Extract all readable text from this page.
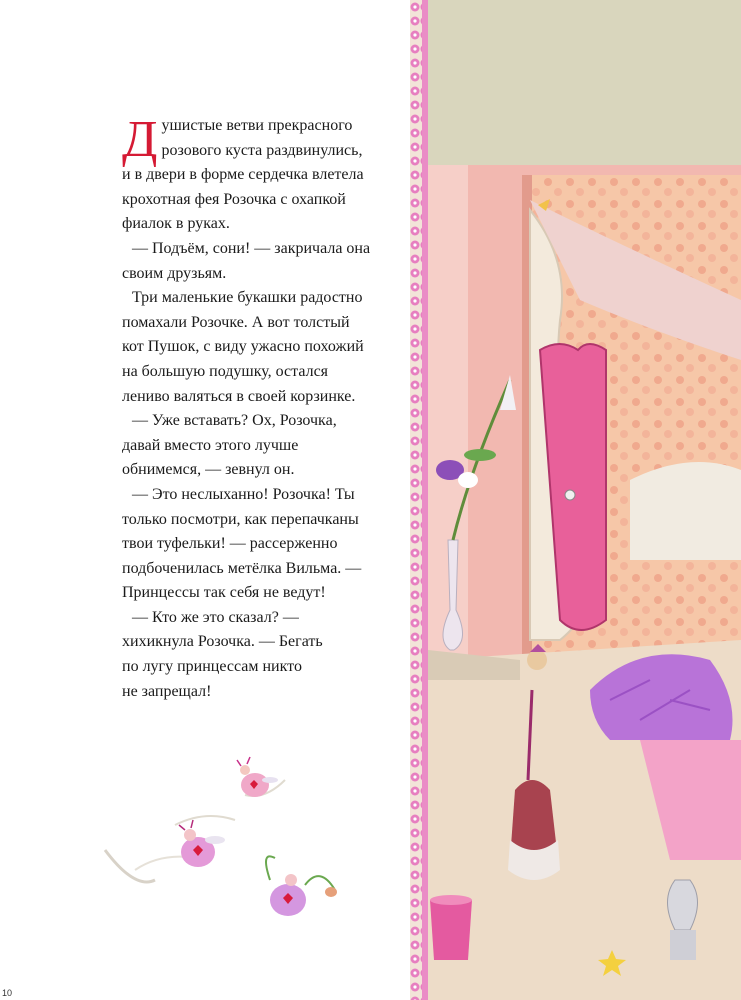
Душистые ветви прекрасного
розового куста раздвинулись,
и в двери в форме сердечка влетела
крохотная фея Розочка с охапкой
фиалок в руках.
— Подъём, сони! — закричала она
своим друзьям.
Три маленькие букашки радостно
помахали Розочке. А вот толстый
кот Пушок, с виду ужасно похожий
на большую подушку, остался
лениво валяться в своей корзинке.
— Уже вставать? Ох, Розочка,
давай вместо этого лучше
обнимемся, — зевнул он.
— Это неслыханно! Розочка! Ты
только посмотри, как перепачканы
твои туфельки! — рассерженно
подбоченилась метёлка Вильма. —
Принцессы так себя не ведут!
— Кто же это сказал? —
хихикнула Розочка. — Бегать
по лугу принцессам никто
не запрещал!
10
